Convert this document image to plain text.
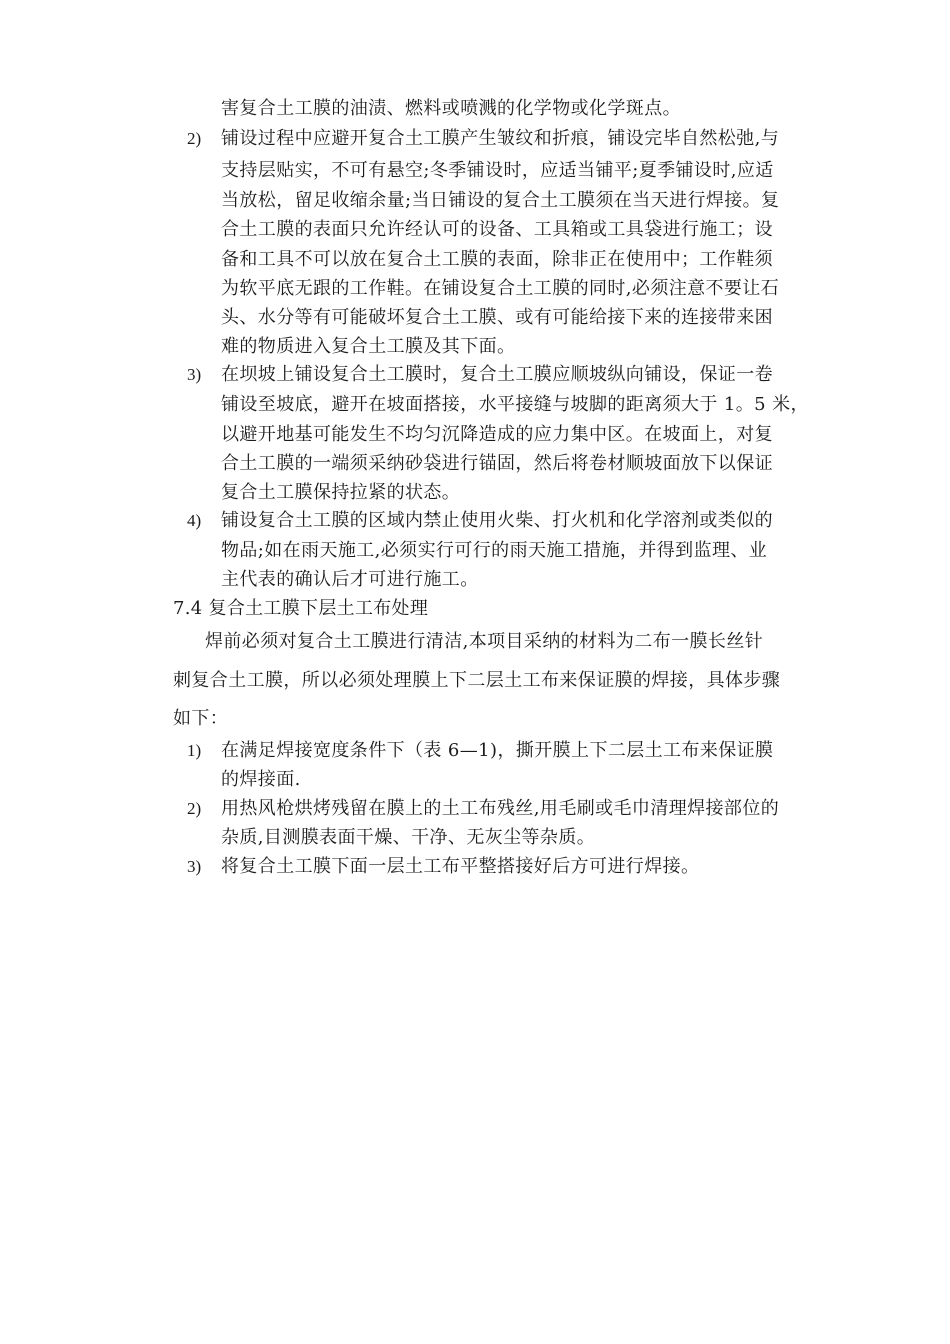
害复合土工膜的油渍、燃料或喷溅的化学物或化学斑点。
2) 铺设过程中应避开复合土工膜产生皱纹和折痕，铺设完毕自然松弛,与
支持层贴实，不可有悬空;冬季铺设时，应适当铺平;夏季铺设时,应适
当放松，留足收缩余量;当日铺设的复合土工膜须在当天进行焊接。复
合土工膜的表面只允许经认可的设备、工具箱或工具袋进行施工；设
备和工具不可以放在复合土工膜的表面，除非正在使用中；工作鞋须
为软平底无跟的工作鞋。在铺设复合土工膜的同时,必须注意不要让石
头、水分等有可能破坏复合土工膜、或有可能给接下来的连接带来困
难的物质进入复合土工膜及其下面。
3) 在坝坡上铺设复合土工膜时，复合土工膜应顺坡纵向铺设，保证一卷
铺设至坡底，避开在坡面搭接，水平接缝与坡脚的距离须大于 1。5 米，
以避开地基可能发生不均匀沉降造成的应力集中区。在坡面上，对复
合土工膜的一端须采纳砂袋进行锚固，然后将卷材顺坡面放下以保证
复合土工膜保持拉紧的状态。
4) 铺设复合土工膜的区域内禁止使用火柴、打火机和化学溶剂或类似的
物品;如在雨天施工,必须实行可行的雨天施工措施，并得到监理、业
主代表的确认后才可进行施工。
7.4 复合土工膜下层土工布处理
焊前必须对复合土工膜进行清洁,本项目采纳的材料为二布一膜长丝针
刺复合土工膜，所以必须处理膜上下二层土工布来保证膜的焊接，具体步骤
如下：
1) 在满足焊接宽度条件下（表 6—1)，撕开膜上下二层土工布来保证膜
的焊接面.
2) 用热风枪烘烤残留在膜上的土工布残丝,用毛刷或毛巾清理焊接部位的
杂质,目测膜表面干燥、干净、无灰尘等杂质。
3) 将复合土工膜下面一层土工布平整搭接好后方可进行焊接。
